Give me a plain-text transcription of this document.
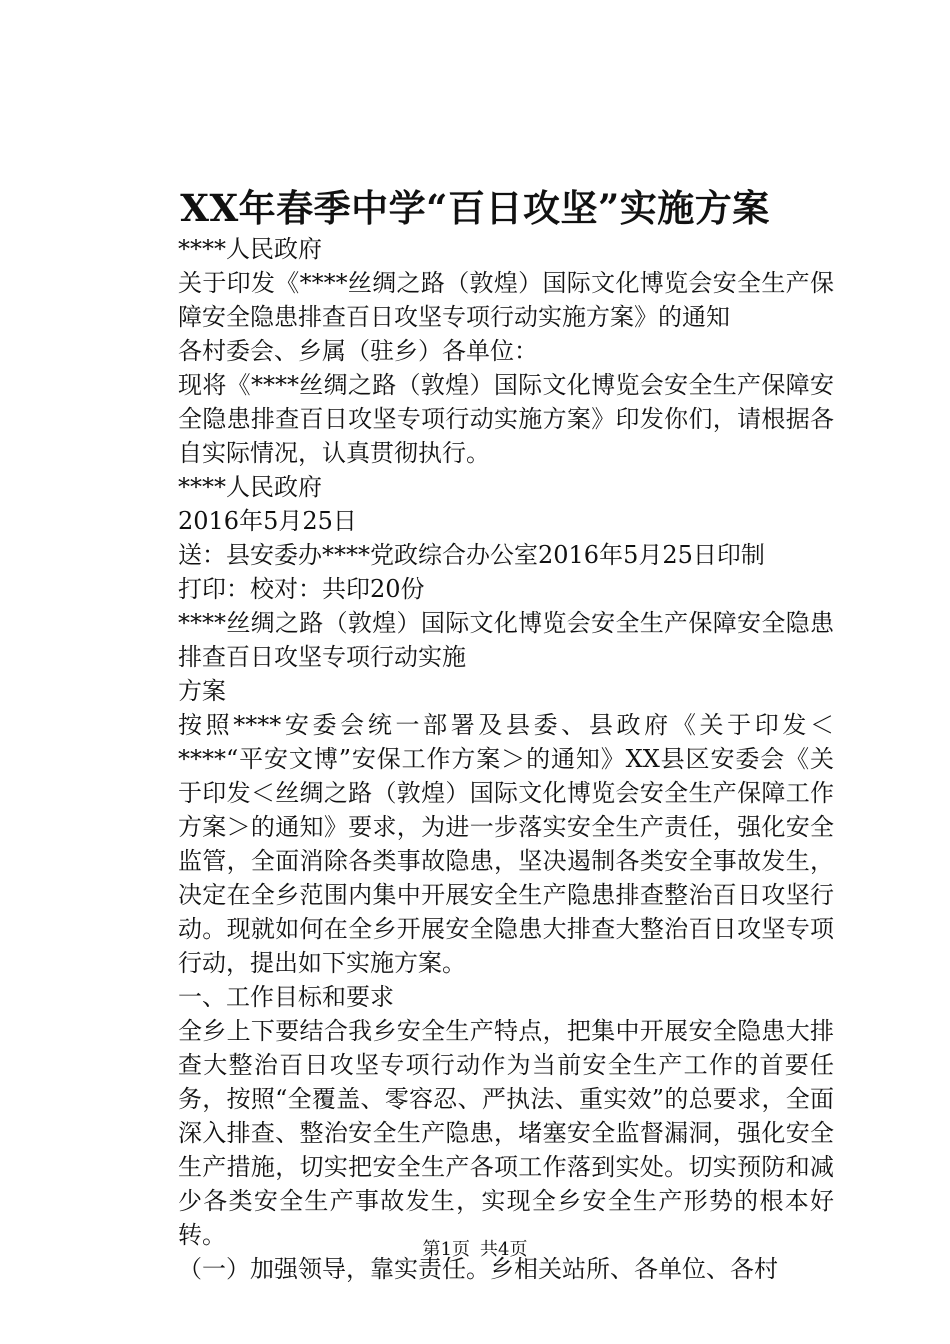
XX年春季中学“百日攻坚”实施方案

****人民政府

关于印发《****丝绸之路（敦煌）国际文化博览会安全生产保障安全隐患排查百日攻坚专项行动实施方案》的通知

各村委会、乡属（驻乡）各单位：

现将《****丝绸之路（敦煌）国际文化博览会安全生产保障安全隐患排查百日攻坚专项行动实施方案》印发你们，请根据各自实际情况，认真贯彻执行。

****人民政府

2016年5月25日

送：县安委办****党政综合办公室2016年5月25日印制

打印：校对：共印20份

****丝绸之路（敦煌）国际文化博览会安全生产保障安全隐患排查百日攻坚专项行动实施

方案

按照****安委会统一部署及县委、县政府《关于印发＜****“平安文博”安保工作方案＞的通知》XX县区安委会《关于印发＜丝绸之路（敦煌）国际文化博览会安全生产保障工作方案＞的通知》要求，为进一步落实安全生产责任，强化安全监管，全面消除各类事故隐患，坚决遏制各类安全事故发生，决定在全乡范围内集中开展安全生产隐患排查整治百日攻坚行动。现就如何在全乡开展安全隐患大排查大整治百日攻坚专项行动，提出如下实施方案。

一、工作目标和要求

全乡上下要结合我乡安全生产特点，把集中开展安全隐患大排查大整治百日攻坚专项行动作为当前安全生产工作的首要任务，按照“全覆盖、零容忍、严执法、重实效”的总要求，全面深入排查、整治安全生产隐患，堵塞安全监督漏洞，强化安全生产措施，切实把安全生产各项工作落到实处。切实预防和减少各类安全生产事故发生，实现全乡安全生产形势的根本好转。

（一）加强领导，靠实责任。乡相关站所、各单位、各村

第1页 共4页
